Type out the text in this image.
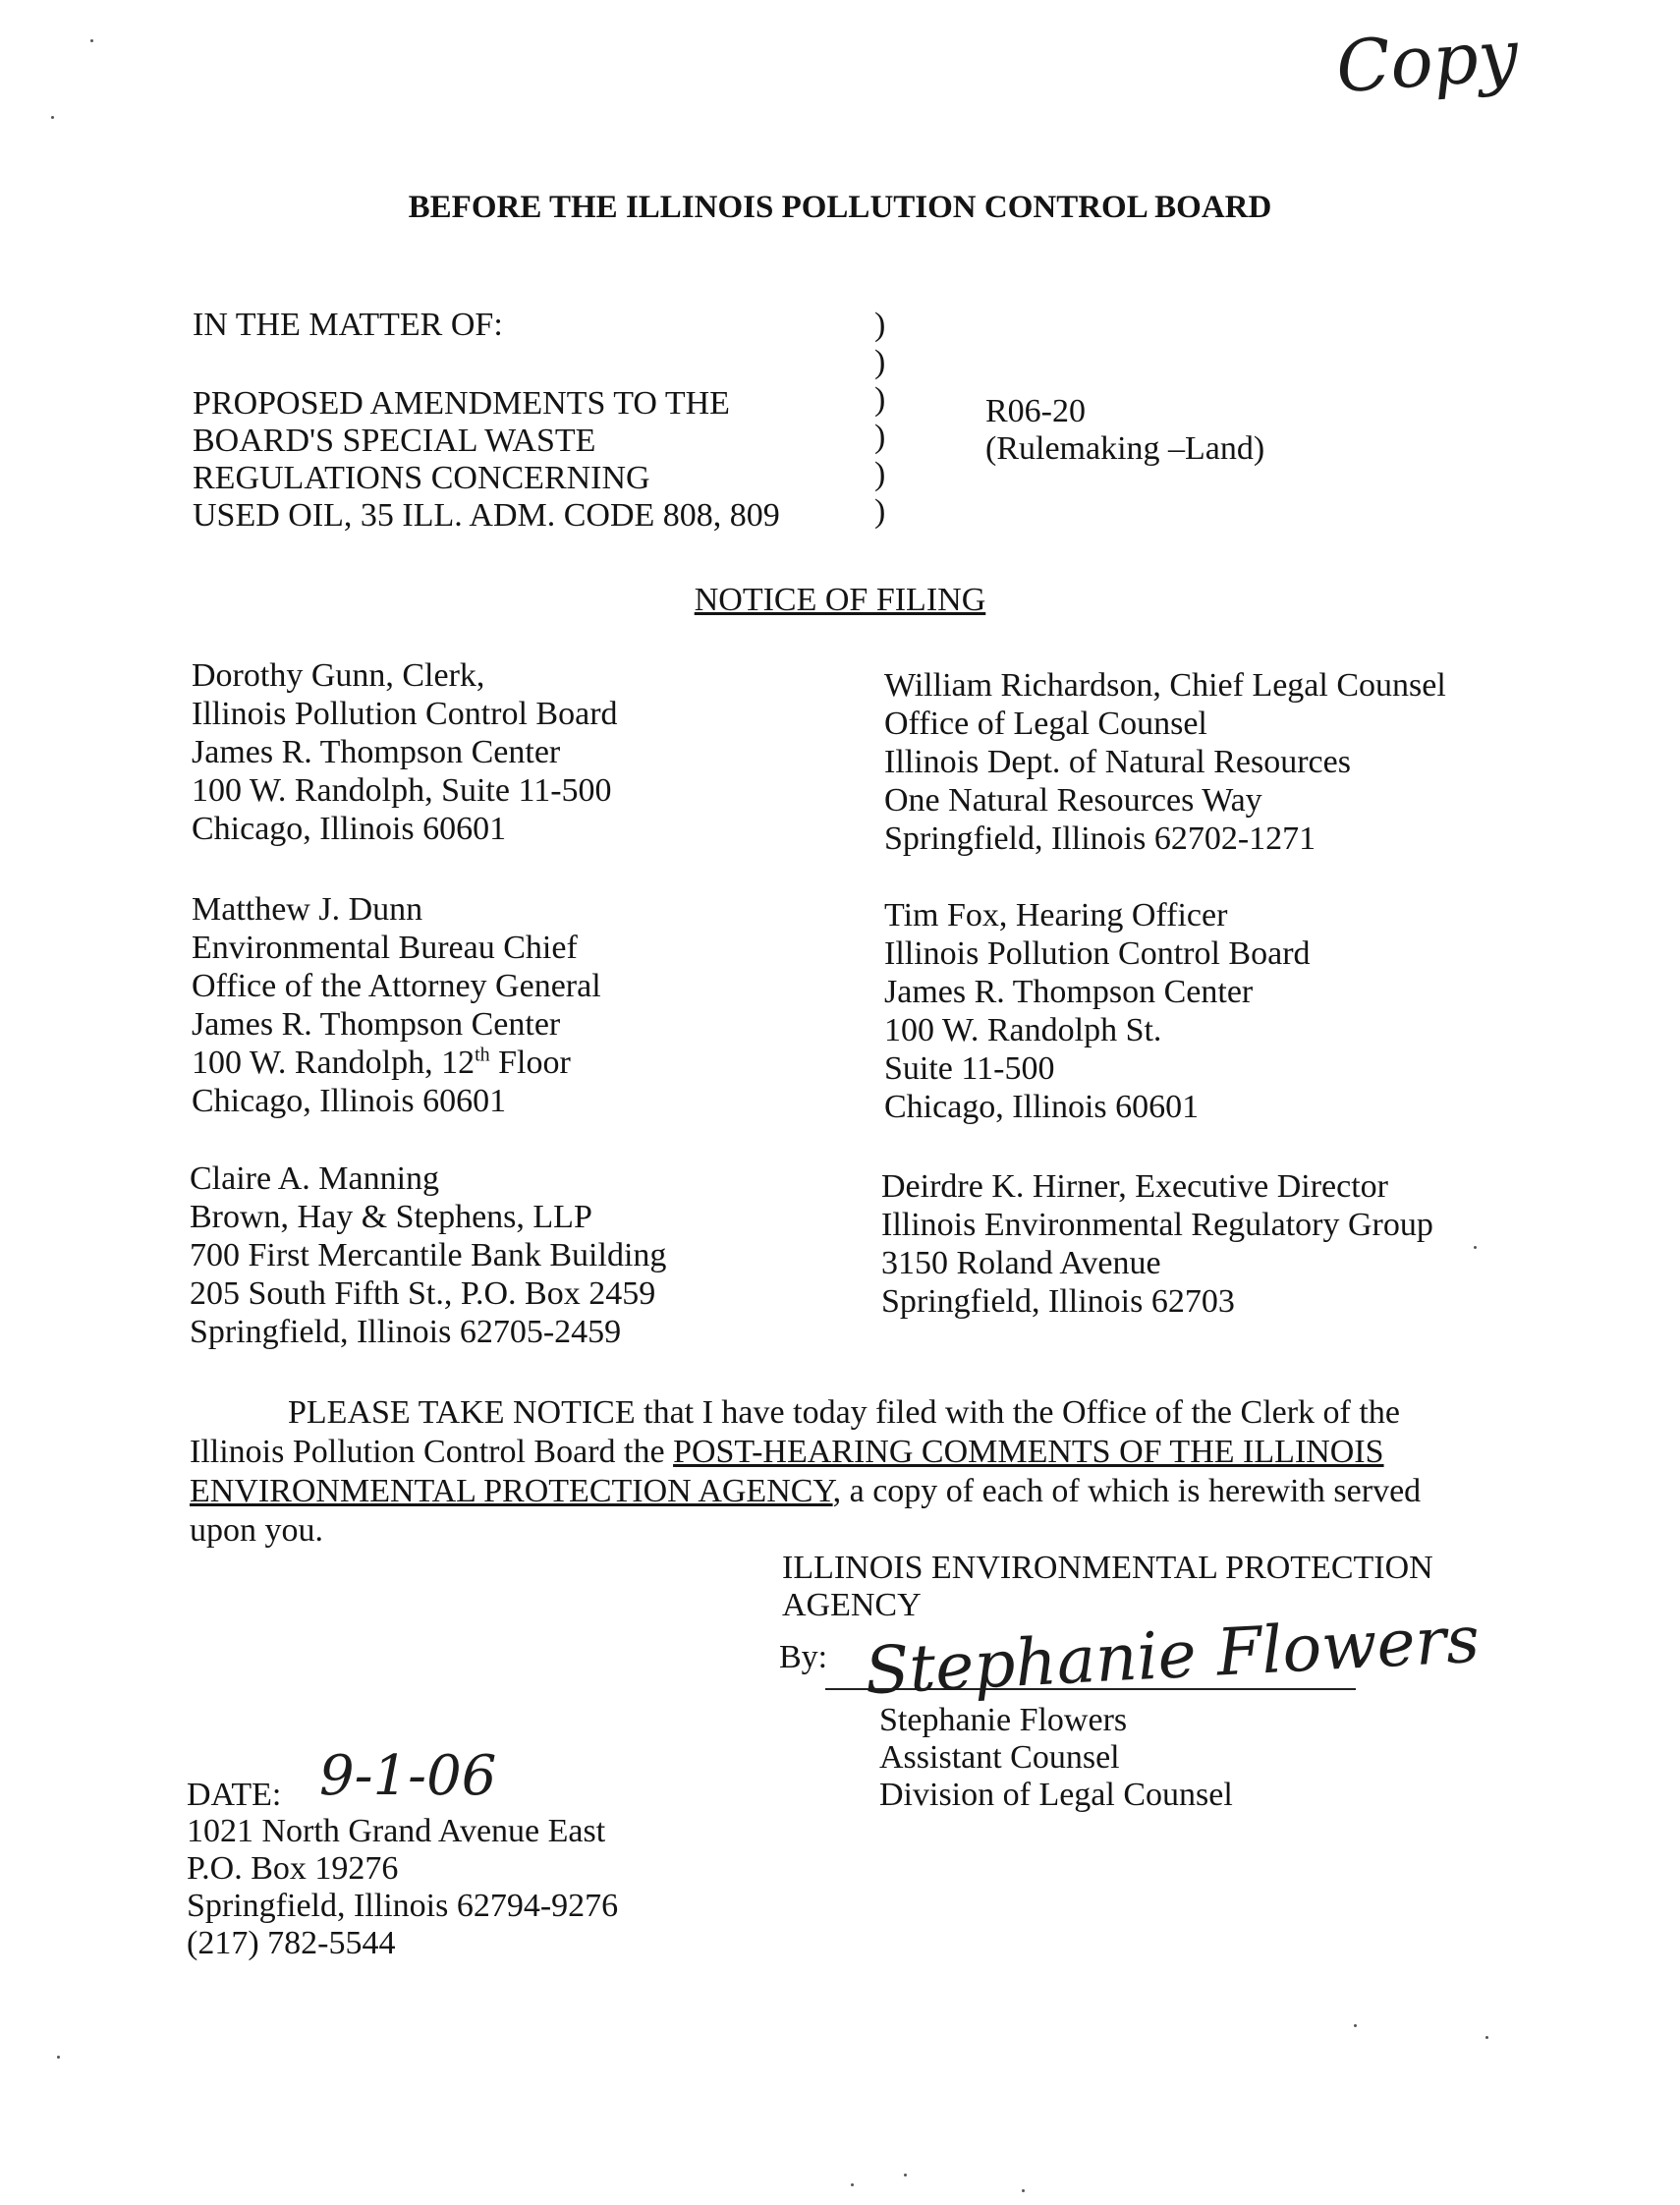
Copy
BEFORE THE ILLINOIS POLLUTION CONTROL BOARD
IN THE MATTER OF:
PROPOSED AMENDMENTS TO THE
BOARD'S SPECIAL WASTE
REGULATIONS CONCERNING
USED OIL, 35 ILL. ADM. CODE 808, 809
)
)
)
)
)
)
R06-20
(Rulemaking –Land)
NOTICE OF FILING
Dorothy Gunn, Clerk,
Illinois Pollution Control Board
James R. Thompson Center
100 W. Randolph, Suite 11-500
Chicago, Illinois 60601
William Richardson, Chief Legal Counsel
Office of Legal Counsel
Illinois Dept. of Natural Resources
One Natural Resources Way
Springfield, Illinois 62702-1271
Matthew J. Dunn
Environmental Bureau Chief
Office of the Attorney General
James R. Thompson Center
100 W. Randolph, 12th Floor
Chicago, Illinois 60601
Tim Fox, Hearing Officer
Illinois Pollution Control Board
James R. Thompson Center
100 W. Randolph St.
Suite 11-500
Chicago, Illinois 60601
Claire A. Manning
Brown, Hay & Stephens, LLP
700 First Mercantile Bank Building
205 South Fifth St., P.O. Box 2459
Springfield, Illinois 62705-2459
Deirdre K. Hirner, Executive Director
Illinois Environmental Regulatory Group
3150 Roland Avenue
Springfield, Illinois 62703
PLEASE TAKE NOTICE that I have today filed with the Office of the Clerk of the
Illinois Pollution Control Board the POST-HEARING COMMENTS OF THE ILLINOIS
ENVIRONMENTAL PROTECTION AGENCY, a copy of each of which is herewith served
upon you.
ILLINOIS ENVIRONMENTAL PROTECTION
AGENCY
By: Stephanie Flowers
Stephanie Flowers
Assistant Counsel
Division of Legal Counsel
DATE: 9-1-06
1021 North Grand Avenue East
P.O. Box 19276
Springfield, Illinois 62794-9276
(217) 782-5544
